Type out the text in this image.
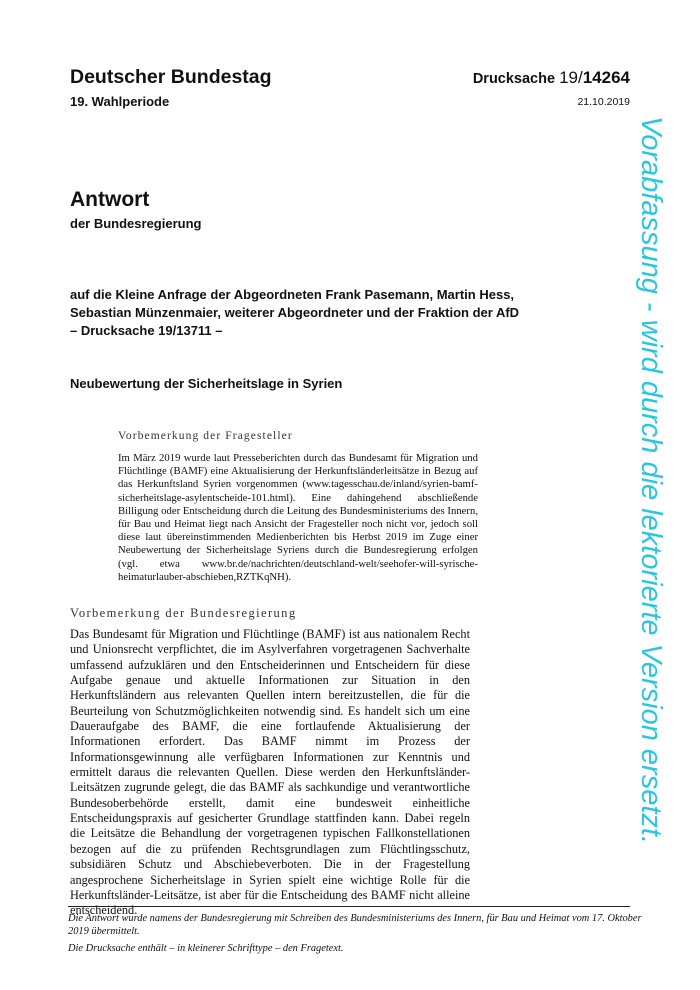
Deutscher Bundestag
19. Wahlperiode
Drucksache 19/14264
21.10.2019
Antwort
der Bundesregierung
auf die Kleine Anfrage der Abgeordneten Frank Pasemann, Martin Hess,
Sebastian Münzenmaier, weiterer Abgeordneter und der Fraktion der AfD
– Drucksache 19/13711 –
Neubewertung der Sicherheitslage in Syrien
Vorbemerkung der Fragesteller
Im März 2019 wurde laut Presseberichten durch das Bundesamt für Migration und Flüchtlinge (BAMF) eine Aktualisierung der Herkunftsländerleitsätze in Bezug auf das Herkunftsland Syrien vorgenommen (www.tagesschau.de/inland/syrien-bamf-sicherheitslage-asylentscheide-101.html). Eine dahingehend abschließende Billigung oder Entscheidung durch die Leitung des Bundesministeriums des Innern, für Bau und Heimat liegt nach Ansicht der Fragesteller noch nicht vor, jedoch soll diese laut übereinstimmenden Medienberichten bis Herbst 2019 im Zuge einer Neubewertung der Sicherheitslage Syriens durch die Bundesregierung erfolgen (vgl. etwa www.br.de/nachrichten/deutschland-welt/seehofer-will-syrische-heimaturlauber-abschieben,RZTKqNH).
Vorbemerkung der Bundesregierung
Das Bundesamt für Migration und Flüchtlinge (BAMF) ist aus nationalem Recht und Unionsrecht verpflichtet, die im Asylverfahren vorgetragenen Sachverhalte umfassend aufzuklären und den Entscheiderinnen und Entscheidern für diese Aufgabe genaue und aktuelle Informationen zur Situation in den Herkunftsländern aus relevanten Quellen intern bereitzustellen, die für die Beurteilung von Schutzmöglichkeiten notwendig sind. Es handelt sich um eine Daueraufgabe des BAMF, die eine fortlaufende Aktualisierung der Informationen erfordert. Das BAMF nimmt im Prozess der Informationsgewinnung alle verfügbaren Informationen zur Kenntnis und ermittelt daraus die relevanten Quellen. Diese werden den Herkunftsländer-Leitsätzen zugrunde gelegt, die das BAMF als sachkundige und verantwortliche Bundesoberbehörde erstellt, damit eine bundesweit einheitliche Entscheidungspraxis auf gesicherter Grundlage stattfinden kann. Dabei regeln die Leitsätze die Behandlung der vorgetragenen typischen Fallkonstellationen bezogen auf die zu prüfenden Rechtsgrundlagen zum Flüchtlingsschutz, subsidiären Schutz und Abschiebeverboten. Die in der Fragestellung angesprochene Sicherheitslage in Syrien spielt eine wichtige Rolle für die Herkunftsländer-Leitsätze, ist aber für die Entscheidung des BAMF nicht alleine entscheidend.
Die Antwort wurde namens der Bundesregierung mit Schreiben des Bundesministeriums des Innern, für Bau und Heimat vom 17. Oktober 2019 übermittelt.
Die Drucksache enthält – in kleinerer Schrifttype – den Fragetext.
Vorabfassung - wird durch die lektorierte Version ersetzt.
